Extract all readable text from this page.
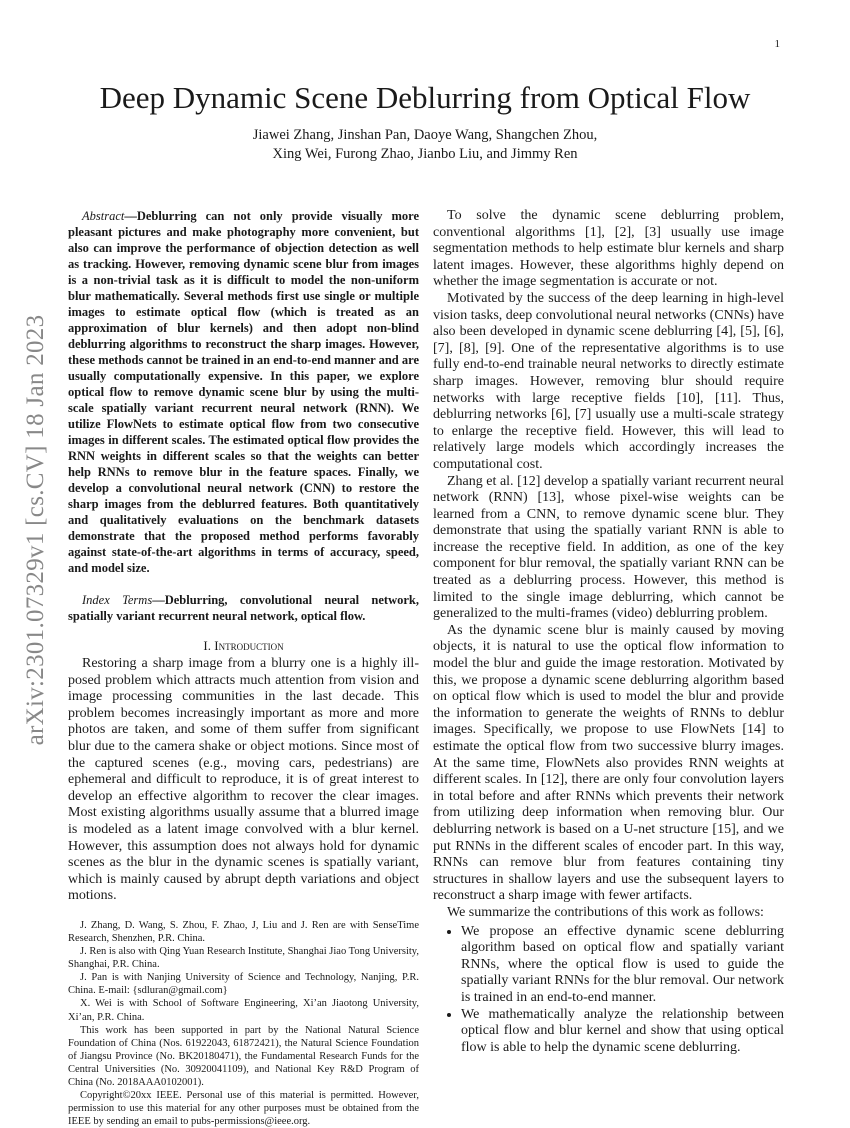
1
arXiv:2301.07329v1 [cs.CV] 18 Jan 2023
Deep Dynamic Scene Deblurring from Optical Flow
Jiawei Zhang, Jinshan Pan, Daoye Wang, Shangchen Zhou,
Xing Wei, Furong Zhao, Jianbo Liu, and Jimmy Ren

Abstract—Deblurring can not only provide visually more pleasant pictures and make photography more convenient, but also can improve the performance of objection detection as well as tracking. However, removing dynamic scene blur from images is a non-trivial task as it is difficult to model the non-uniform blur mathematically. Several methods first use single or multiple images to estimate optical flow (which is treated as an approximation of blur kernels) and then adopt non-blind deblurring algorithms to reconstruct the sharp images. However, these methods cannot be trained in an end-to-end manner and are usually computationally expensive. In this paper, we explore optical flow to remove dynamic scene blur by using the multi-scale spatially variant recurrent neural network (RNN). We utilize FlowNets to estimate optical flow from two consecutive images in different scales. The estimated optical flow provides the RNN weights in different scales so that the weights can better help RNNs to remove blur in the feature spaces. Finally, we develop a convolutional neural network (CNN) to restore the sharp images from the deblurred features. Both quantitatively and qualitatively evaluations on the benchmark datasets demonstrate that the proposed method performs favorably against state-of-the-art algorithms in terms of accuracy, speed, and model size.

Index Terms—Deblurring, convolutional neural network, spatially variant recurrent neural network, optical flow.

I. Introduction

Restoring a sharp image from a blurry one is a highly ill-posed problem which attracts much attention from vision and image processing communities in the last decade. This problem becomes increasingly important as more and more photos are taken, and some of them suffer from significant blur due to the camera shake or object motions. Since most of the captured scenes (e.g., moving cars, pedestrians) are ephemeral and difficult to reproduce, it is of great interest to develop an effective algorithm to recover the clear images. Most existing algorithms usually assume that a blurred image is modeled as a latent image convolved with a blur kernel. However, this assumption does not always hold for dynamic scenes as the blur in the dynamic scenes is spatially variant, which is mainly caused by abrupt depth variations and object motions.

J. Zhang, D. Wang, S. Zhou, F. Zhao, J, Liu and J. Ren are with SenseTime Research, Shenzhen, P.R. China.

J. Ren is also with Qing Yuan Research Institute, Shanghai Jiao Tong University, Shanghai, P.R. China.

J. Pan is with Nanjing University of Science and Technology, Nanjing, P.R. China. E-mail: {sdluran@gmail.com}

X. Wei is with School of Software Engineering, Xi’an Jiaotong University, Xi’an, P.R. China.

This work has been supported in part by the National Natural Science Foundation of China (Nos. 61922043, 61872421), the Natural Science Foundation of Jiangsu Province (No. BK20180471), the Fundamental Research Funds for the Central Universities (No. 30920041109), and National Key R&D Program of China (No. 2018AAA0102001).

Copyright©20xx IEEE. Personal use of this material is permitted. However, permission to use this material for any other purposes must be obtained from the IEEE by sending an email to pubs-permissions@ieee.org.

To solve the dynamic scene deblurring problem, conventional algorithms [1], [2], [3] usually use image segmentation methods to help estimate blur kernels and sharp latent images. However, these algorithms highly depend on whether the image segmentation is accurate or not.

Motivated by the success of the deep learning in high-level vision tasks, deep convolutional neural networks (CNNs) have also been developed in dynamic scene deblurring [4], [5], [6], [7], [8], [9]. One of the representative algorithms is to use fully end-to-end trainable neural networks to directly estimate sharp images. However, removing blur should require networks with large receptive fields [10], [11]. Thus, deblurring networks [6], [7] usually use a multi-scale strategy to enlarge the receptive field. However, this will lead to relatively large models which accordingly increases the computational cost.

Zhang et al. [12] develop a spatially variant recurrent neural network (RNN) [13], whose pixel-wise weights can be learned from a CNN, to remove dynamic scene blur. They demonstrate that using the spatially variant RNN is able to increase the receptive field. In addition, as one of the key component for blur removal, the spatially variant RNN can be treated as a deblurring process. However, this method is limited to the single image deblurring, which cannot be generalized to the multi-frames (video) deblurring problem.

As the dynamic scene blur is mainly caused by moving objects, it is natural to use the optical flow information to model the blur and guide the image restoration. Motivated by this, we propose a dynamic scene deblurring algorithm based on optical flow which is used to model the blur and provide the information to generate the weights of RNNs to deblur images. Specifically, we propose to use FlowNets [14] to estimate the optical flow from two successive blurry images. At the same time, FlowNets also provides RNN weights at different scales. In [12], there are only four convolution layers in total before and after RNNs which prevents their network from utilizing deep information when removing blur. Our deblurring network is based on a U-net structure [15], and we put RNNs in the different scales of encoder part. In this way, RNNs can remove blur from features containing tiny structures in shallow layers and use the subsequent layers to reconstruct a sharp image with fewer artifacts.

We summarize the contributions of this work as follows:

• We propose an effective dynamic scene deblurring algorithm based on optical flow and spatially variant RNNs, where the optical flow is used to guide the spatially variant RNNs for the blur removal. Our network is trained in an end-to-end manner.
• We mathematically analyze the relationship between optical flow and blur kernel and show that using optical flow is able to help the dynamic scene deblurring.
